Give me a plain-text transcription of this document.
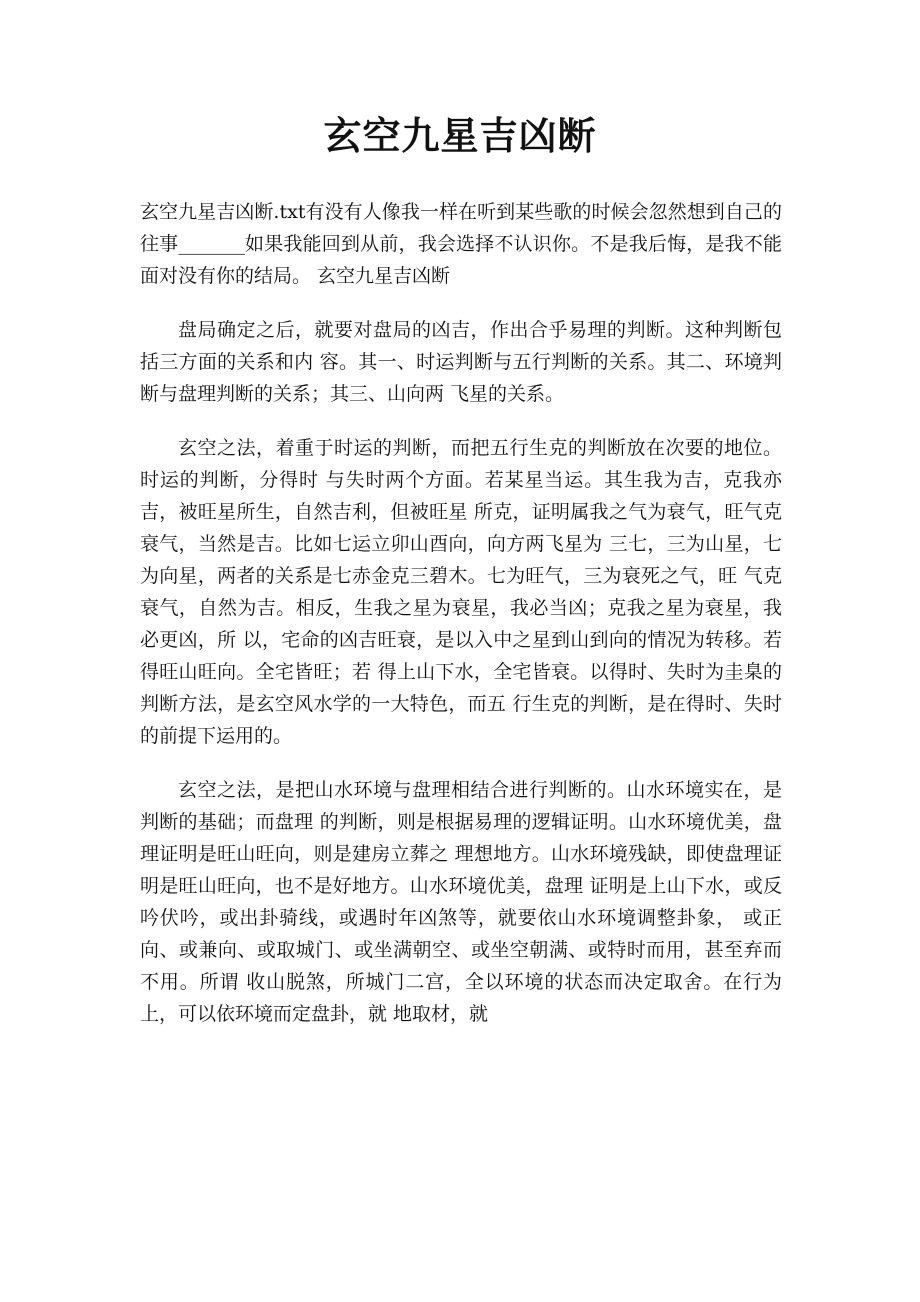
玄空九星吉凶断

玄空九星吉凶断.txt有没有人像我一样在听到某些歌的时候会忽然想到自己的往事_______如果我能回到从前，我会选择不认识你。不是我后悔，是我不能面对没有你的结局。 玄空九星吉凶断

盘局确定之后，就要对盘局的凶吉，作出合乎易理的判断。这种判断包括三方面的关系和内 容。其一、时运判断与五行判断的关系。其二、环境判断与盘理判断的关系；其三、山向两 飞星的关系。

玄空之法，着重于时运的判断，而把五行生克的判断放在次要的地位。时运的判断，分得时 与失时两个方面。若某星当运。其生我为吉，克我亦吉，被旺星所生，自然吉利，但被旺星 所克，证明属我之气为衰气，旺气克衰气，当然是吉。比如七运立卯山酉向，向方两飞星为 三七，三为山星，七为向星，两者的关系是七赤金克三碧木。七为旺气，三为衰死之气，旺 气克衰气，自然为吉。相反，生我之星为衰星，我必当凶；克我之星为衰星，我必更凶，所 以，宅命的凶吉旺衰，是以入中之星到山到向的情况为转移。若得旺山旺向。全宅皆旺；若 得上山下水，全宅皆衰。以得时、失时为圭臬的判断方法，是玄空风水学的一大特色，而五 行生克的判断，是在得时、失时的前提下运用的。

玄空之法，是把山水环境与盘理相结合进行判断的。山水环境实在，是判断的基础；而盘理 的判断，则是根据易理的逻辑证明。山水环境优美，盘理证明是旺山旺向，则是建房立葬之 理想地方。山水环境残缺，即使盘理证明是旺山旺向，也不是好地方。山水环境优美，盘理 证明是上山下水，或反吟伏吟，或出卦骑线，或遇时年凶煞等，就要依山水环境调整卦象， 或正向、或兼向、或取城门、或坐满朝空、或坐空朝满、或特时而用，甚至弃而不用。所谓 收山脱煞，所城门二宫，全以环境的状态而决定取舍。在行为上，可以依环境而定盘卦，就 地取材，就
